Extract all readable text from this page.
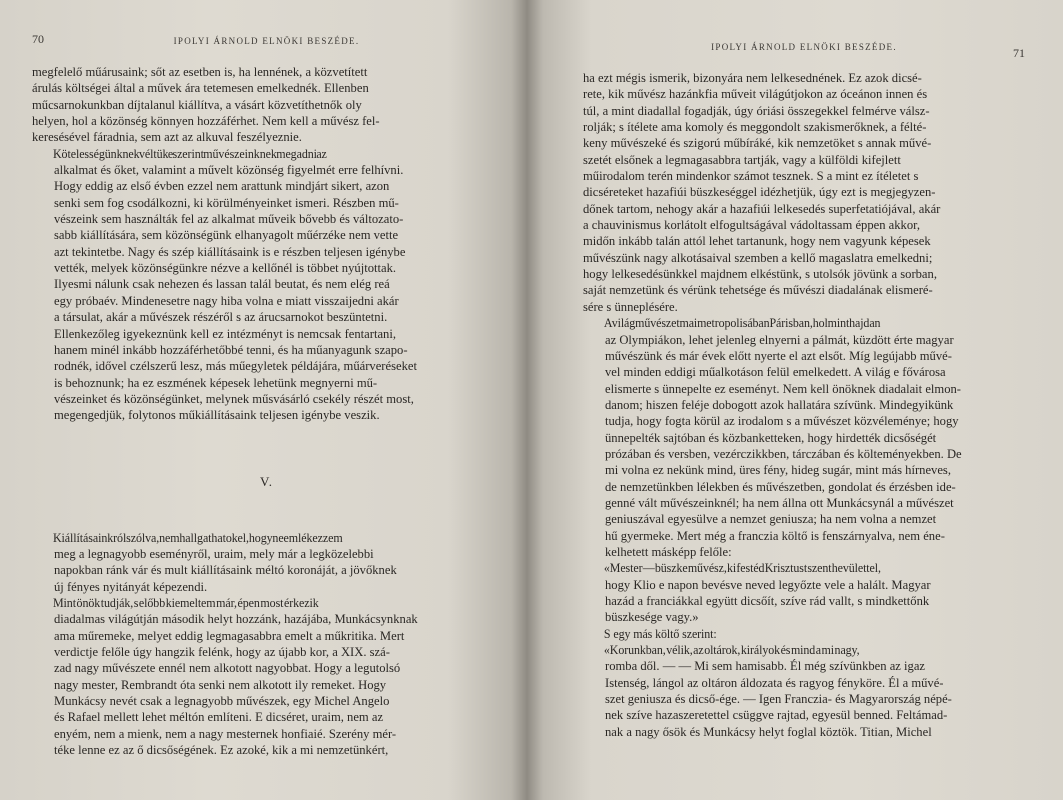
70	IPOLYI ÁRNOLD ELNÖKI BESZÉDE.

megfelelő műárusaink; sőt az esetben is, ha lennének, a közvetített
árulás költségei által a művek ára tetemesen emelkednék. Ellenben
műcsarnokunkban díjtalanul kiállítva, a vásárt közvetíthetnők oly
helyen, hol a közönség könnyen hozzáférhet. Nem kell a művész fel-
keresésével fáradnia, sem azt az alkuval feszélyeznie.

Kötelességünknek véltük e szerint művészeinknek megadni az
alkalmat és őket, valamint a művelt közönség figyelmét erre felhívni.
Hogy eddig az első évben ezzel nem arattunk mindjárt sikert, azon
senki sem fog csodálkozni, ki körülményeinket ismeri. Részben mű-
vészeink sem használták fel az alkalmat műveik bővebb és változato-
sabb kiállítására, sem közönségünk elhanyagolt műérzéke nem vette
azt tekintetbe. Nagy és szép kiállításaink is e részben teljesen igénybe
vették, melyek közönségünkre nézve a kellőnél is többet nyújtottak.
Ilyesmi nálunk csak nehezen és lassan talál beutat, és nem elég reá
egy próbaév. Mindenesetre nagy hiba volna e miatt visszaijedni akár
a társulat, akár a művészek részéről s az árucsarnokot beszüntetni.
Ellenkezőleg igyekeznünk kell ez intézményt is nemcsak fentartani,
hanem minél inkább hozzáférhetőbbé tenni, és ha műanyagunk szapo-
rodnék, idővel czélszerű lesz, más műegyletek példájára, műárveréseket
is behoznunk; ha ez eszmének képesek lehetünk megnyerni mű-
vészeinket és közönségünket, melynek műsvásárló csekély részét most,
megengedjük, folytonos műkiállításaink teljesen igénybe veszik.

V.

Kiállításainkról szólva, nem hallgathatok el, hogy ne emlékezzem
meg a legnagyobb eseményről, uraim, mely már a legközelebbi
napokban ránk vár és mult kiállításaink méltó koronáját, a jövőknek
új fényes nyitányát képezendi.

Mint önök tudják, s előbb kiemeltem már, épen most érkezik
diadalmas világútján második helyt hozzánk, hazájába, Munkácsynknak
ama műremeke, melyet eddig legmagasabbra emelt a műkritika. Mert
verdictje felőle úgy hangzik felénk, hogy az újabb kor, a XIX. szá-
zad nagy művészete ennél nem alkotott nagyobbat. Hogy a legutolsó
nagy mester, Rembrandt óta senki nem alkotott ily remeket. Hogy
Munkácsy nevét csak a legnagyobb művészek, egy Michel Angelo
és Rafael mellett lehet méltón említeni. E dicséret, uraim, nem az
enyém, nem a mienk, nem a nagy mesternek honfiaié. Szerény mér-
téke lenne ez az ő dicsőségének. Ez azoké, kik a mi nemzetünkért,

IPOLYI ÁRNOLD ELNÖKI BESZÉDE.	71

ha ezt mégis ismerik, bizonyára nem lelkesednének. Ez azok dicsé-
rete, kik művész hazánkfia műveit világútjokon az óceánon innen és
túl, a mint diadallal fogadják, úgy óriási összegekkel felmérve válsz-
rolják; s ítélete ama komoly és meggondolt szakismerőknek, a félté-
keny művészeké és szigorú műbíráké, kik nemzetöket s annak művé-
szetét elsőnek a legmagasabbra tartják, vagy a külföldi kifejlett
műirodalom terén mindenkor számot tesznek. S a mint ez ítéletet s
dicséreteket hazafiúi büszkeséggel idézhetjük, úgy ezt is megjegyzen-
dőnek tartom, nehogy akár a hazafiúi lelkesedés superfetatiójával, akár
a chauvinismus korlátolt elfogultságával vádoltassam éppen akkor,
midőn inkább talán attól lehet tartanunk, hogy nem vagyunk képesek
művészünk nagy alkotásaival szemben a kellő magaslatra emelkedni;
hogy lelkesedésünkkel majdnem elkéstünk, s utolsók jövünk a sorban,
saját nemzetünk és vérünk tehetsége és művészi diadalának elismeré-
sére s ünneplésére.

A világművészet mai metropolisában Párisban, hol mint hajdan
az Olympiákon, lehet jelenleg elnyerni a pálmát, küzdött érte magyar
művészünk és már évek előtt nyerte el azt elsőt. Míg legújabb művé-
vel minden eddigi műalkotáson felül emelkedett. A világ e fővárosa
elismerte s ünnepelte ez eseményt. Nem kell önöknek diadalait elmon-
danom; hiszen feléje dobogott azok hallatára szívünk. Mindegyikünk
tudja, hogy fogta körül az irodalom s a művészet közvéleménye; hogy
ünnepelték sajtóban és közbanketteken, hogy hirdették dicsőségét
prózában és versben, vezérczikkben, tárczában és költeményekben. De
mi volna ez nekünk mind, üres fény, hideg sugár, mint más hírneves,
de nemzetünkben lélekben és művészetben, gondolat és érzésben ide-
genné vált művészeinknél; ha nem állna ott Munkácsynál a művészet
geniuszával egyesülve a nemzet geniusza; ha nem volna a nemzet
hű gyermeke. Mert még a franczia költő is fenszárnyalva, nem éne-
kelhetett másképp felőle:

«Mester — büszke művész, ki festéd Krisztust szent hevülettel,
hogy Klio e napon bevésve neved legyőzte vele a halált. Magyar
hazád a franciákkal együtt dicsőít, szíve rád vallt, s mindkettőnk
büszkesége vagy.»

S egy más költő szerint:

«Korunkban, vélik, az oltárok, királyok és mind a mi nagy,
romba dől. — — Mi sem hamisabb. Él még szívünkben az igaz
Istenség, lángol az oltáron áldozata és ragyog fényköre. Él a művé-
szet geniusza és dicső-ége. — Igen Franczia- és Magyarország népé-
nek szíve hazaszeretettel csüggve rajtad, egyesül benned. Feltámad-
nak a nagy ősök és Munkácsy helyt foglal köztök. Titian, Michel
